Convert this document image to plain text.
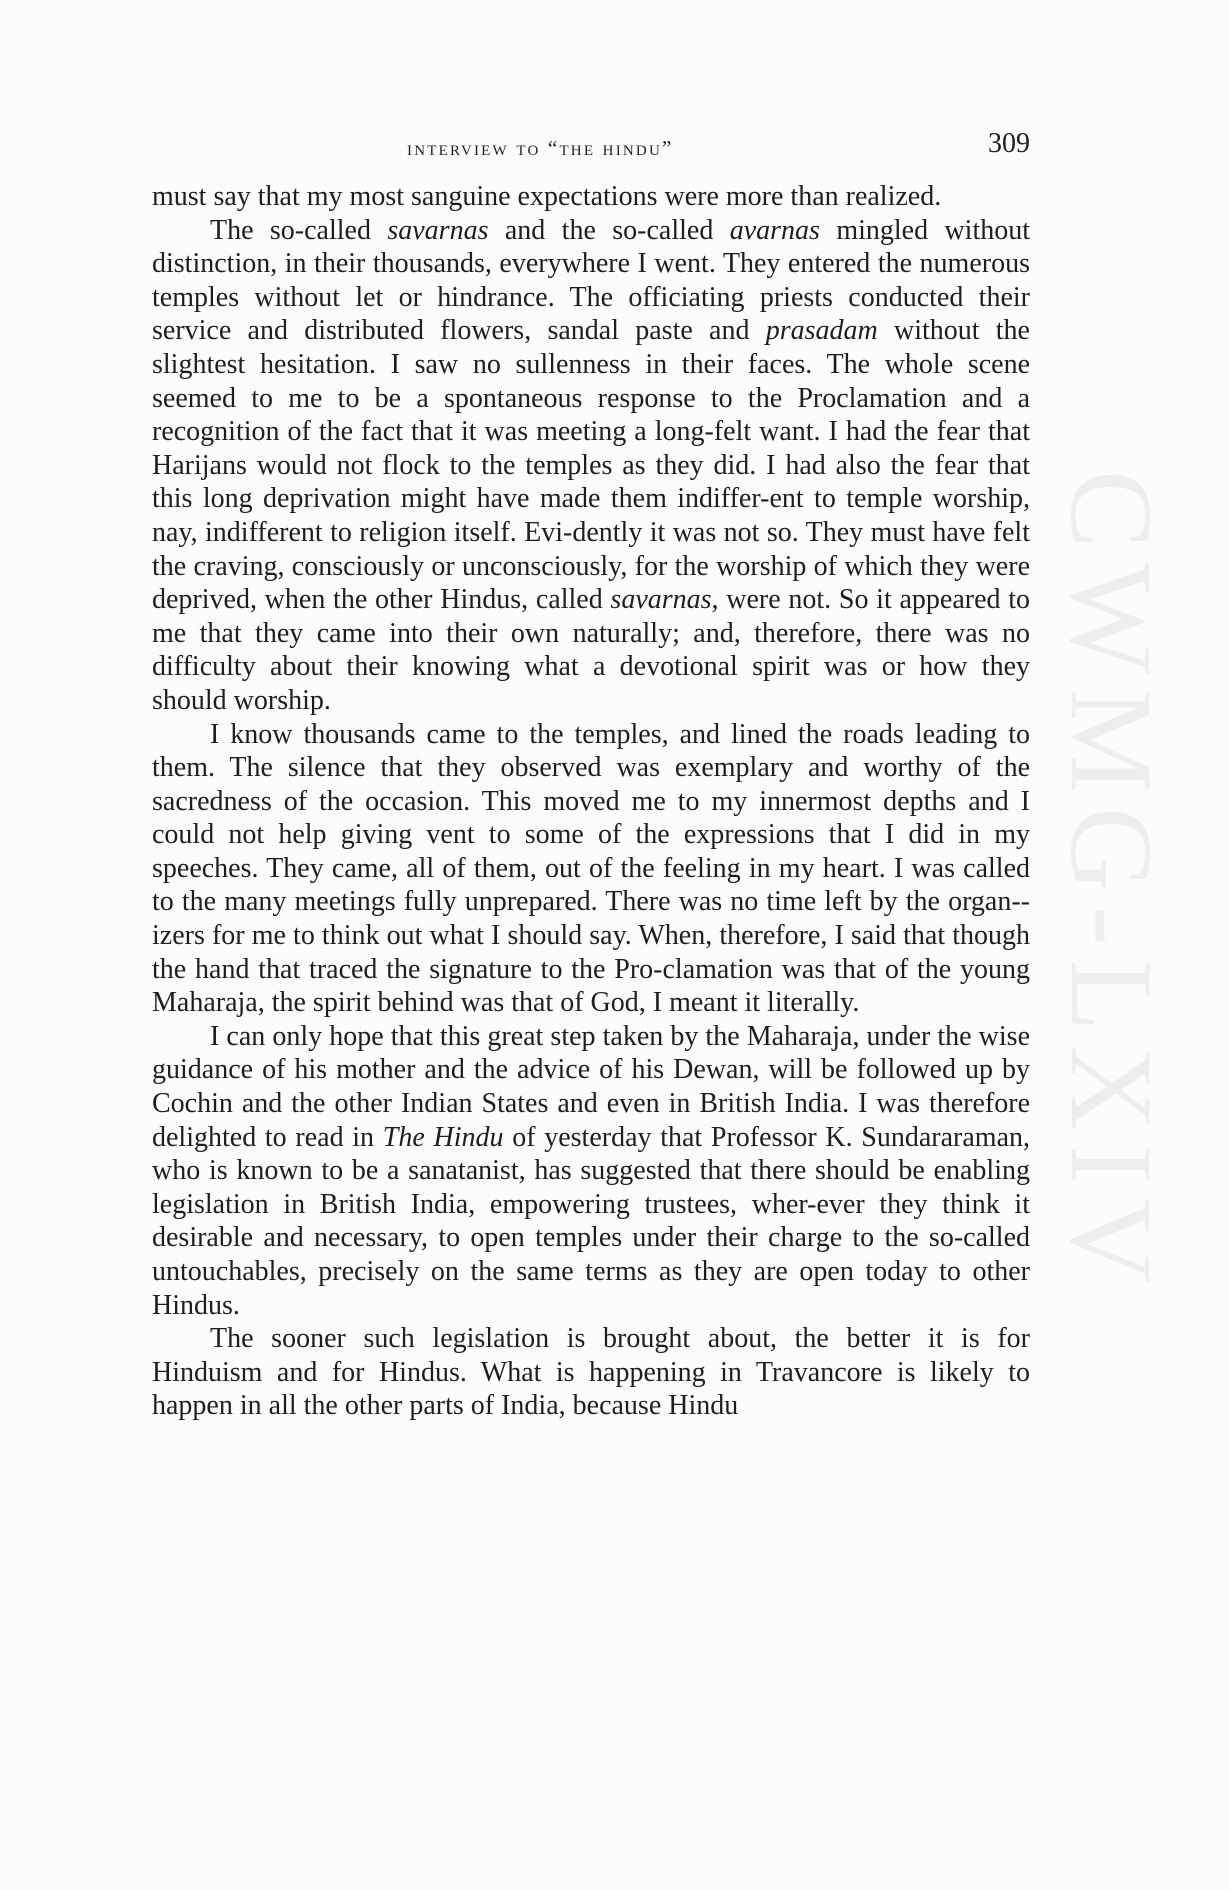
interview to “the hindu”	309
CWMG-LXIV

must say that my most sanguine expectations were more than realized.

The so-called savarnas and the so-called avarnas mingled without distinction, in their thousands, everywhere I went. They entered the numerous temples without let or hindrance. The officiating priests conducted their service and distributed flowers, sandal paste and prasadam without the slightest hesitation. I saw no sullenness in their faces. The whole scene seemed to me to be a spontaneous response to the Proclamation and a recognition of the fact that it was meeting a long-felt want. I had the fear that Harijans would not flock to the temples as they did. I had also the fear that this long deprivation might have made them indiffer-ent to temple worship, nay, indifferent to religion itself. Evi-dently it was not so. They must have felt the craving, consciously or unconsciously, for the worship of which they were deprived, when the other Hindus, called savarnas, were not. So it appeared to me that they came into their own naturally; and, therefore, there was no difficulty about their knowing what a devotional spirit was or how they should worship.

I know thousands came to the temples, and lined the roads leading to them. The silence that they observed was exemplary and worthy of the sacredness of the occasion. This moved me to my innermost depths and I could not help giving vent to some of the expressions that I did in my speeches. They came, all of them, out of the feeling in my heart. I was called to the many meetings fully unprepared. There was no time left by the organ-izers for me to think out what I should say. When, therefore, I said that though the hand that traced the signature to the Pro-clamation was that of the young Maharaja, the spirit behind was that of God, I meant it literally.

I can only hope that this great step taken by the Maharaja, under the wise guidance of his mother and the advice of his Dewan, will be followed up by Cochin and the other Indian States and even in British India. I was therefore delighted to read in The Hindu of yesterday that Professor K. Sundararaman, who is known to be a sanatanist, has suggested that there should be enabling legislation in British India, empowering trustees, wher-ever they think it desirable and necessary, to open temples under their charge to the so-called untouchables, precisely on the same terms as they are open today to other Hindus.

The sooner such legislation is brought about, the better it is for Hinduism and for Hindus. What is happening in Travancore is likely to happen in all the other parts of India, because Hindu
